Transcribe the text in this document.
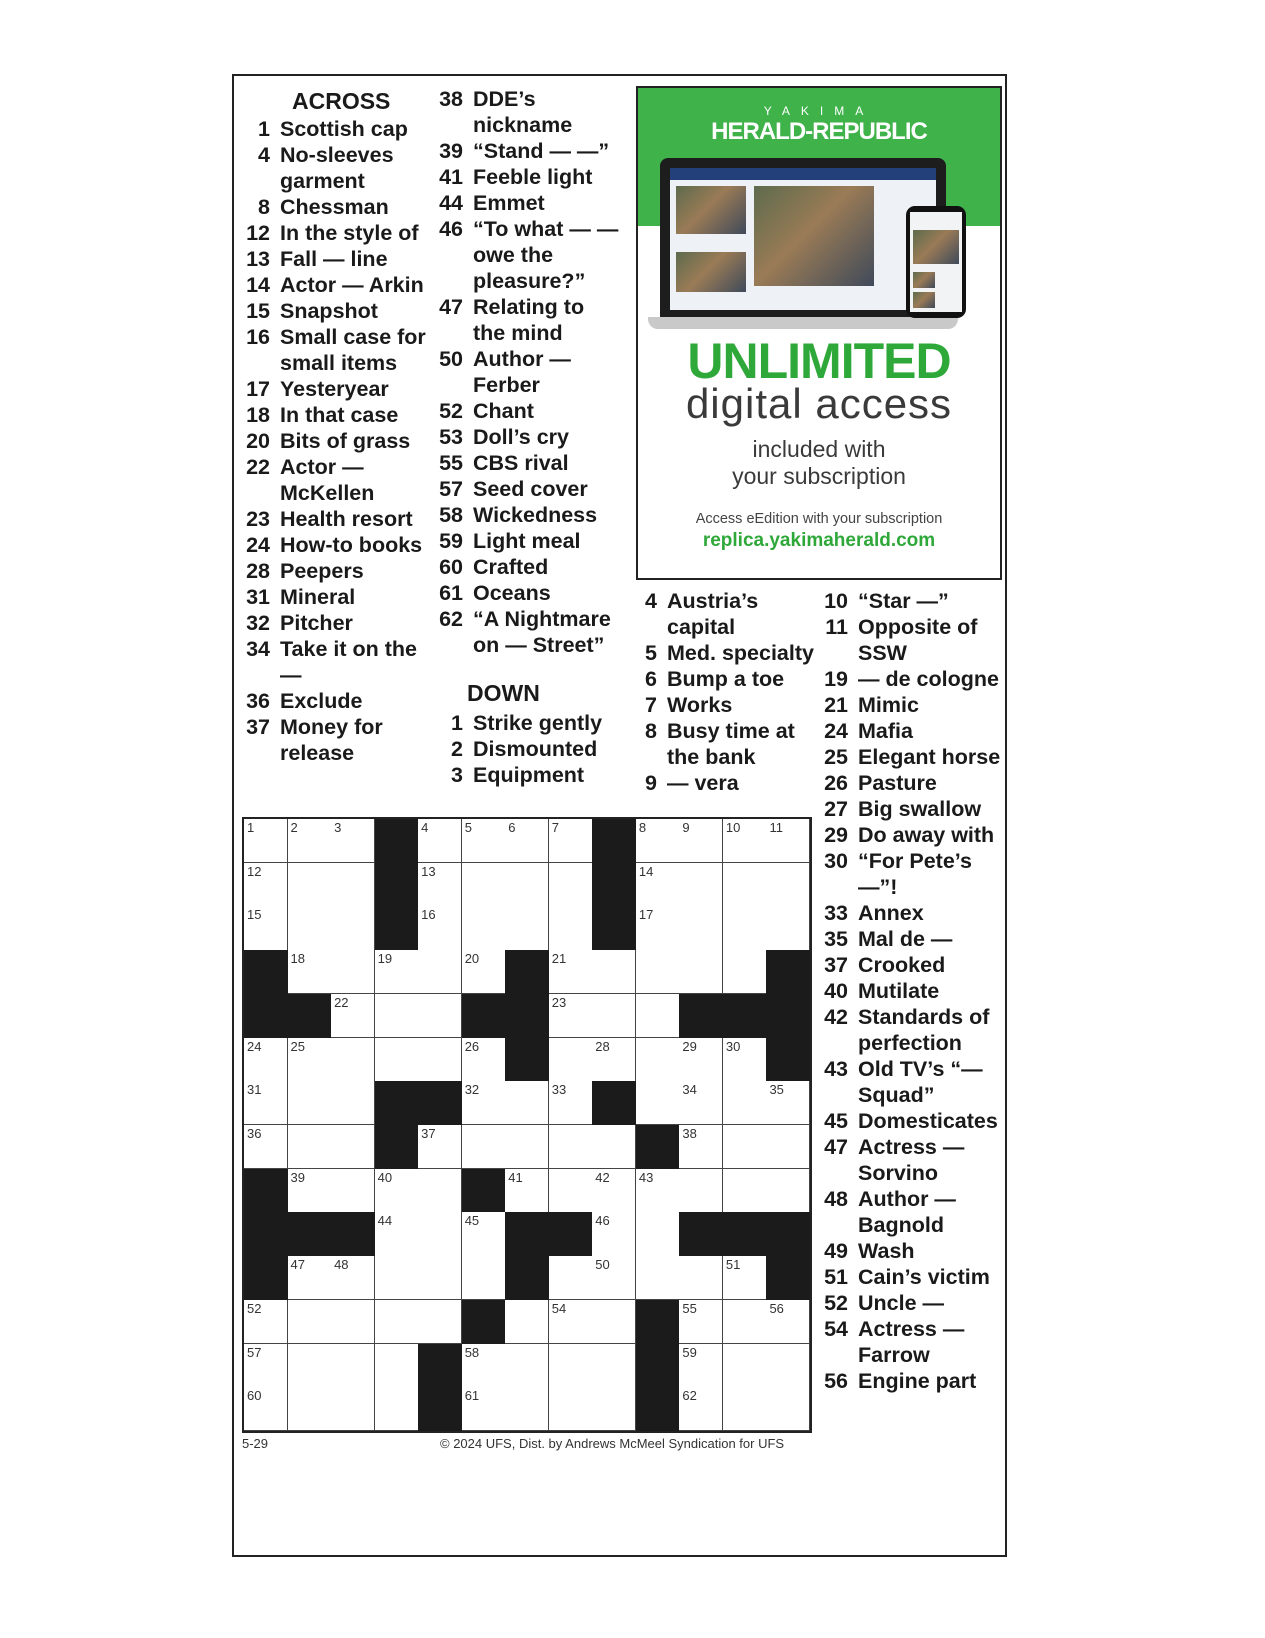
ACROSS
1 Scottish cap
4 No-sleeves garment
8 Chessman
12 In the style of
13 Fall — line
14 Actor — Arkin
15 Snapshot
16 Small case for small items
17 Yesteryear
18 In that case
20 Bits of grass
22 Actor — McKellen
23 Health resort
24 How-to books
28 Peepers
31 Mineral
32 Pitcher
34 Take it on the —
36 Exclude
37 Money for release
38 DDE’s nickname
39 “Stand — —”
41 Feeble light
44 Emmet
46 “To what — — owe the pleasure?”
47 Relating to the mind
50 Author — Ferber
52 Chant
53 Doll’s cry
55 CBS rival
57 Seed cover
58 Wickedness
59 Light meal
60 Crafted
61 Oceans
62 “A Nightmare on — Street”
DOWN
1 Strike gently
2 Dismounted
3 Equipment
4 Austria’s capital
5 Med. specialty
6 Bump a toe
7 Works
8 Busy time at the bank
9 — vera
10 “Star —”
11 Opposite of SSW
19 — de cologne
21 Mimic
24 Mafia
25 Elegant horse
26 Pasture
27 Big swallow
29 Do away with
30 “For Pete’s —”!
33 Annex
35 Mal de —
37 Crooked
40 Mutilate
42 Standards of perfection
43 Old TV’s “— Squad”
45 Domesticates
47 Actress — Sorvino
48 Author — Bagnold
49 Wash
51 Cain’s victim
52 Uncle —
54 Actress — Farrow
56 Engine part
YAKIMA
HERALD-REPUBLIC
UNLIMITED
digital access
included with
your subscription
Access eEdition with your subscription
replica.yakimaherald.com
1	2	3	4	5	6	7	8	9	10 11
12	13	14
15	16	17
18	19	20	21
22	23
24 25	26	28	29 30
31	32	33	34	35
36	37	38
39	40	41	42 43
44	45	46
47 48	50	51
52	54	55	56
57	58	59
60	61	62
5-29	© 2024 UFS, Dist. by Andrews McMeel Syndication for UFS
